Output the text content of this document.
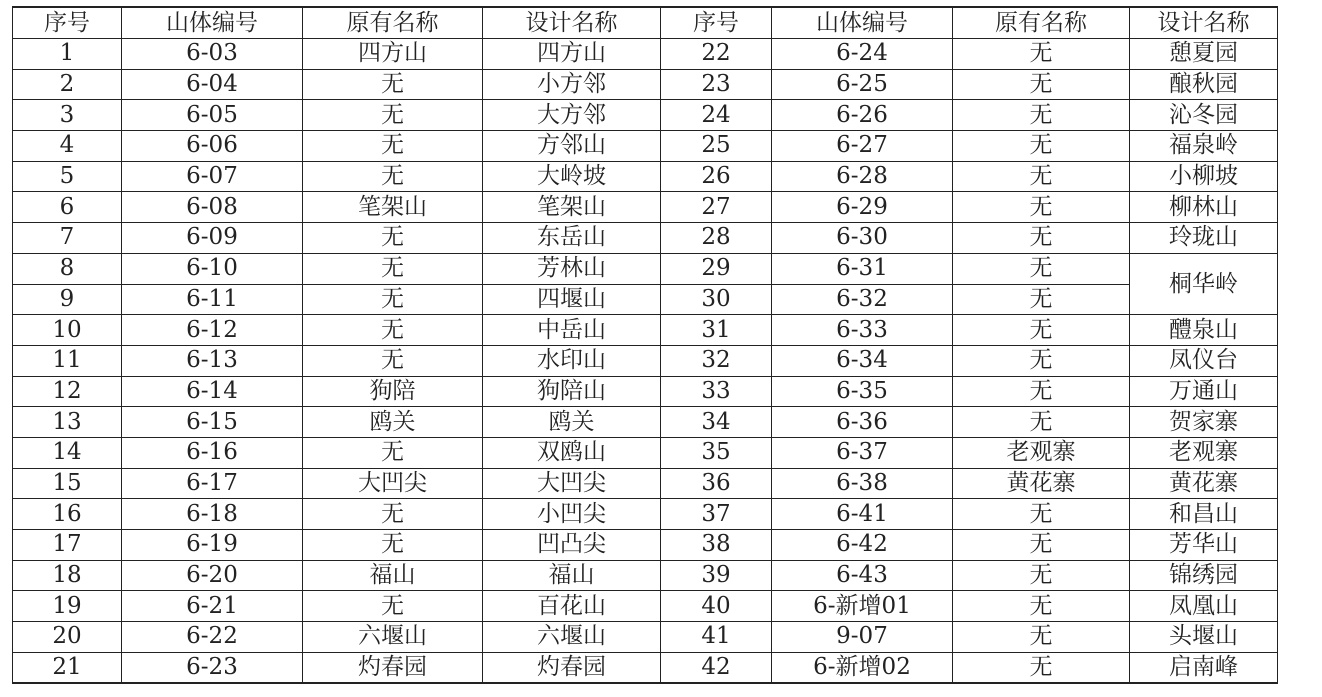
序号	山体编号	原有名称	设计名称	序号	山体编号	原有名称	设计名称
1	6-03	四方山	四方山	22	6-24	无	憩夏园
2	6-04	无	小方邻	23	6-25	无	酿秋园
3	6-05	无	大方邻	24	6-26	无	沁冬园
4	6-06	无	方邻山	25	6-27	无	福泉岭
5	6-07	无	大岭坡	26	6-28	无	小柳坡
6	6-08	笔架山	笔架山	27	6-29	无	柳林山
7	6-09	无	东岳山	28	6-30	无	玲珑山
8	6-10	无	芳林山	29	6-31	无	桐华岭
9	6-11	无	四堰山	30	6-32	无	
10	6-12	无	中岳山	31	6-33	无	醴泉山
11	6-13	无	水印山	32	6-34	无	凤仪台
12	6-14	狗陪	狗陪山	33	6-35	无	万通山
13	6-15	鸥关	鸥关	34	6-36	无	贺家寨
14	6-16	无	双鸥山	35	6-37	老观寨	老观寨
15	6-17	大凹尖	大凹尖	36	6-38	黄花寨	黄花寨
16	6-18	无	小凹尖	37	6-41	无	和昌山
17	6-19	无	凹凸尖	38	6-42	无	芳华山
18	6-20	福山	福山	39	6-43	无	锦绣园
19	6-21	无	百花山	40	6-新增01	无	凤凰山
20	6-22	六堰山	六堰山	41	9-07	无	头堰山
21	6-23	灼春园	灼春园	42	6-新增02	无	启南峰
